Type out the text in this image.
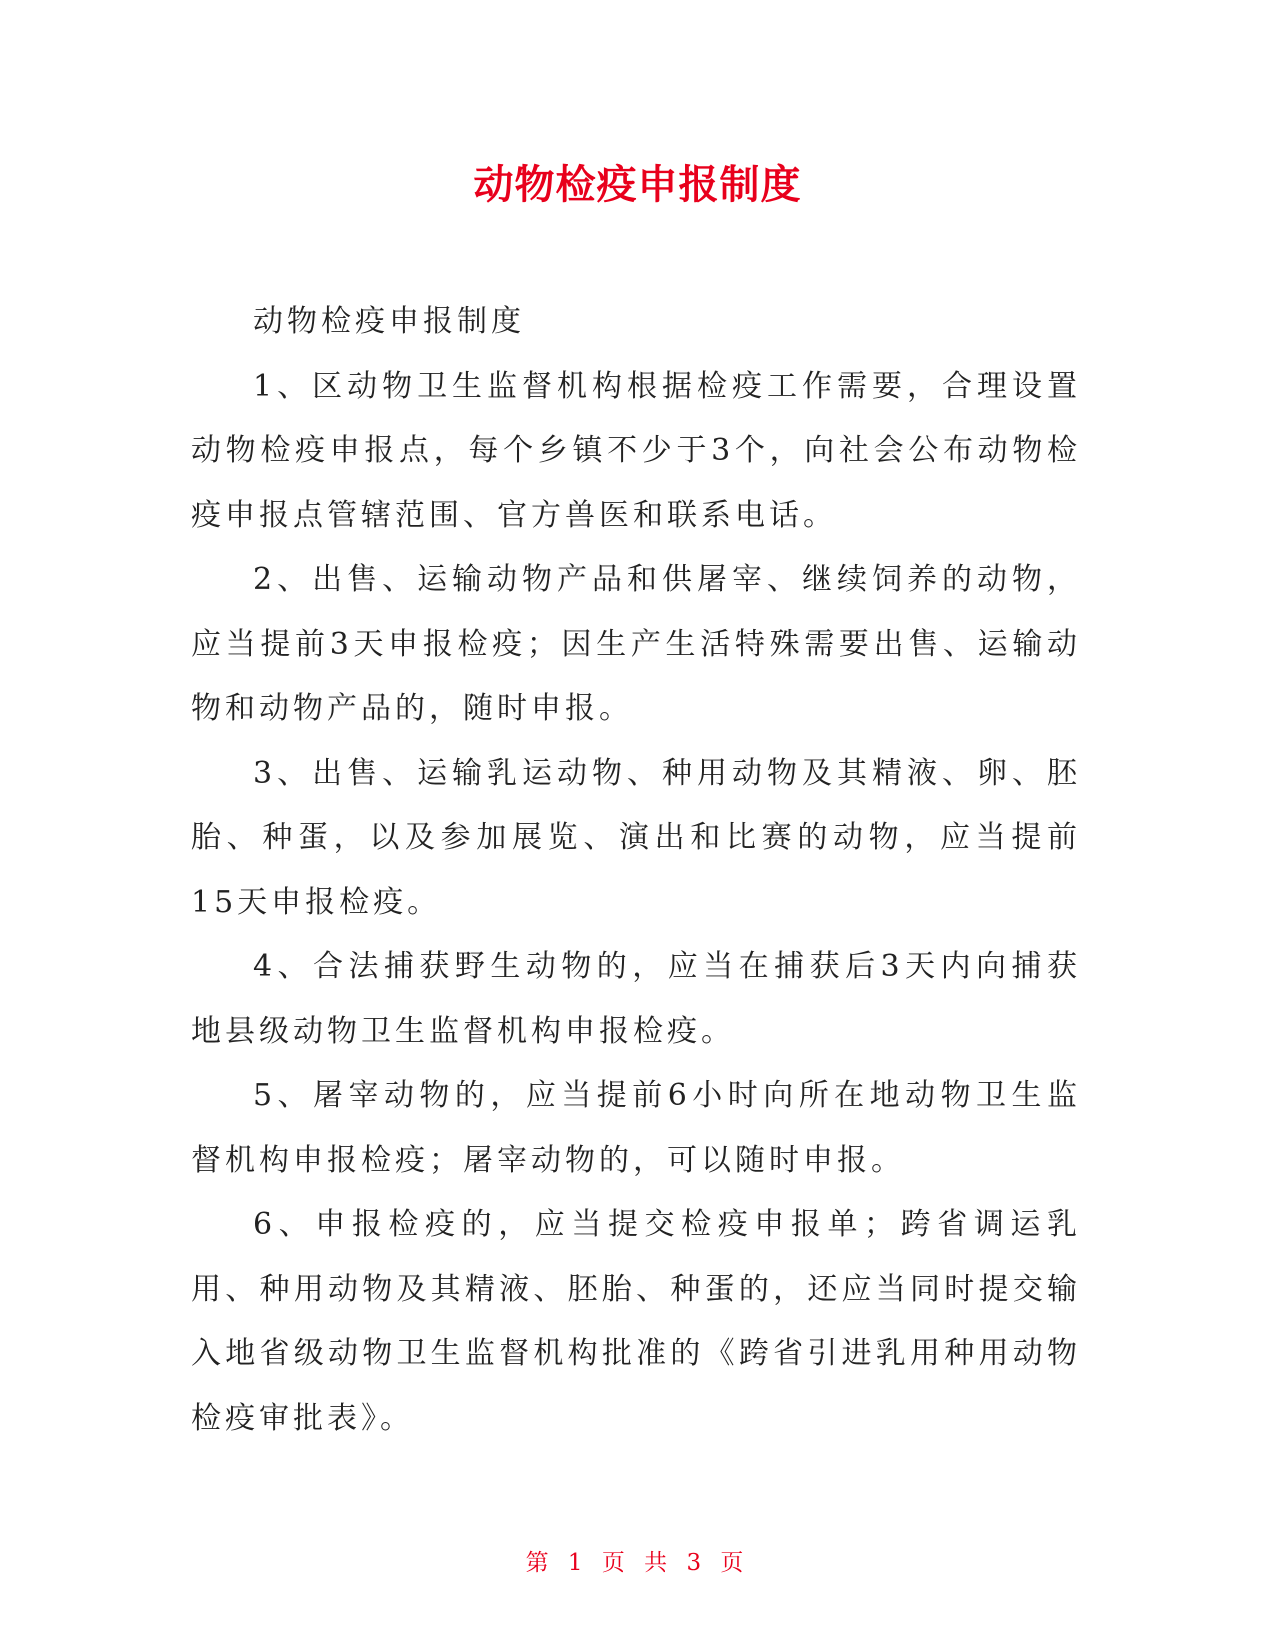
动物检疫申报制度

动物检疫申报制度

1、区动物卫生监督机构根据检疫工作需要，合理设置动物检疫申报点，每个乡镇不少于3个，向社会公布动物检疫申报点管辖范围、官方兽医和联系电话。

2、出售、运输动物产品和供屠宰、继续饲养的动物，应当提前3天申报检疫；因生产生活特殊需要出售、运输动物和动物产品的，随时申报。

3、出售、运输乳运动物、种用动物及其精液、卵、胚胎、种蛋，以及参加展览、演出和比赛的动物，应当提前15天申报检疫。

4、合法捕获野生动物的，应当在捕获后3天内向捕获地县级动物卫生监督机构申报检疫。

5、屠宰动物的，应当提前6小时向所在地动物卫生监督机构申报检疫；屠宰动物的，可以随时申报。

6、申报检疫的，应当提交检疫申报单；跨省调运乳用、种用动物及其精液、胚胎、种蛋的，还应当同时提交输入地省级动物卫生监督机构批准的《跨省引进乳用种用动物检疫审批表》。

第 1 页 共 3 页
